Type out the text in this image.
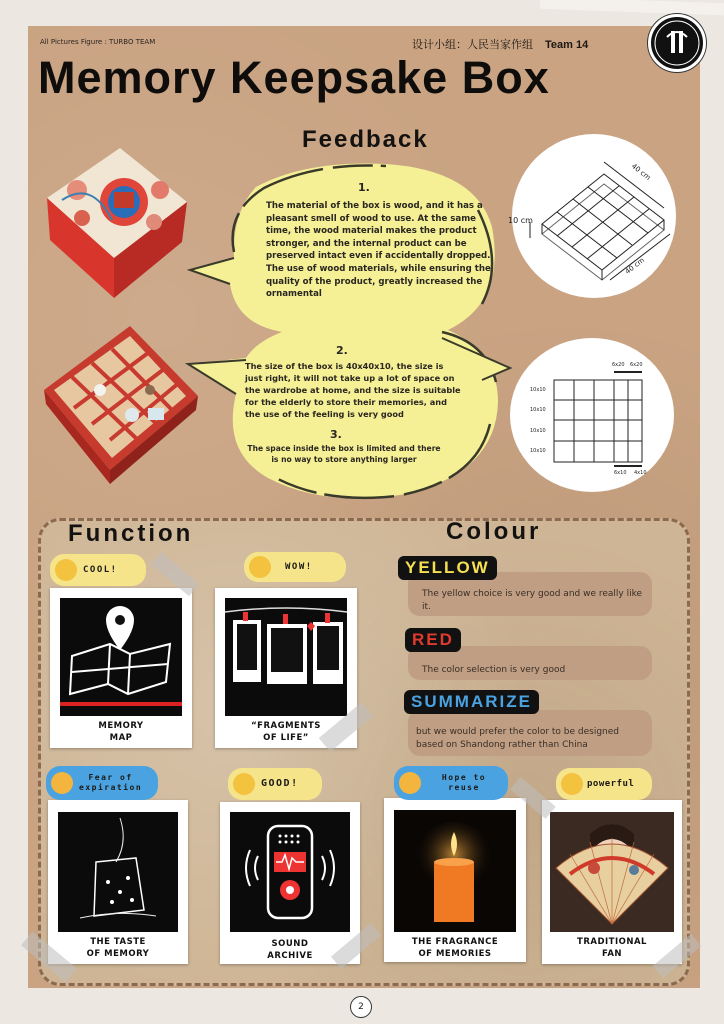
All Pictures Figure : TURBO TEAM	设计小组：人民当家作组 Team 14
Memory Keepsake Box
Feedback
1.
The material of the box is wood, and it has a pleasant smell of wood to use. At the same time, the wood material makes the product stronger, and the internal product can be preserved intact even if accidentally dropped. The use of wood materials, while ensuring the quality of the product, greatly increased the ornamental
2.
The size of the box is 40x40x10, the size is just right, it will not take up a lot of space on the wardrobe at home, and the size is suitable for the elderly to store their memories, and the use of the feeling is very good
3.
The space inside the box is limited and there is no way to store anything larger
10 cm
40 cm
40 cm
6x20 6x20
10x10
10x10
10x10
10x10
6x10 4x10
Function	Colour
MEMORY
MAP
COOL!
“FRAGMENTS
OF LIFE”
WOW!
The yellow choice is very good and we really like it.
YELLOW
The color selection is very good
RED
but we would prefer the color to be designed based on Shandong rather than China
SUMMARIZE
THE TASTE
OF MEMORY
Fear of
expiration
SOUND
ARCHIVE
GOOD!
THE FRAGRANCE
OF MEMORIES
Hope to
reuse
TRADITIONAL
FAN
powerful
2
